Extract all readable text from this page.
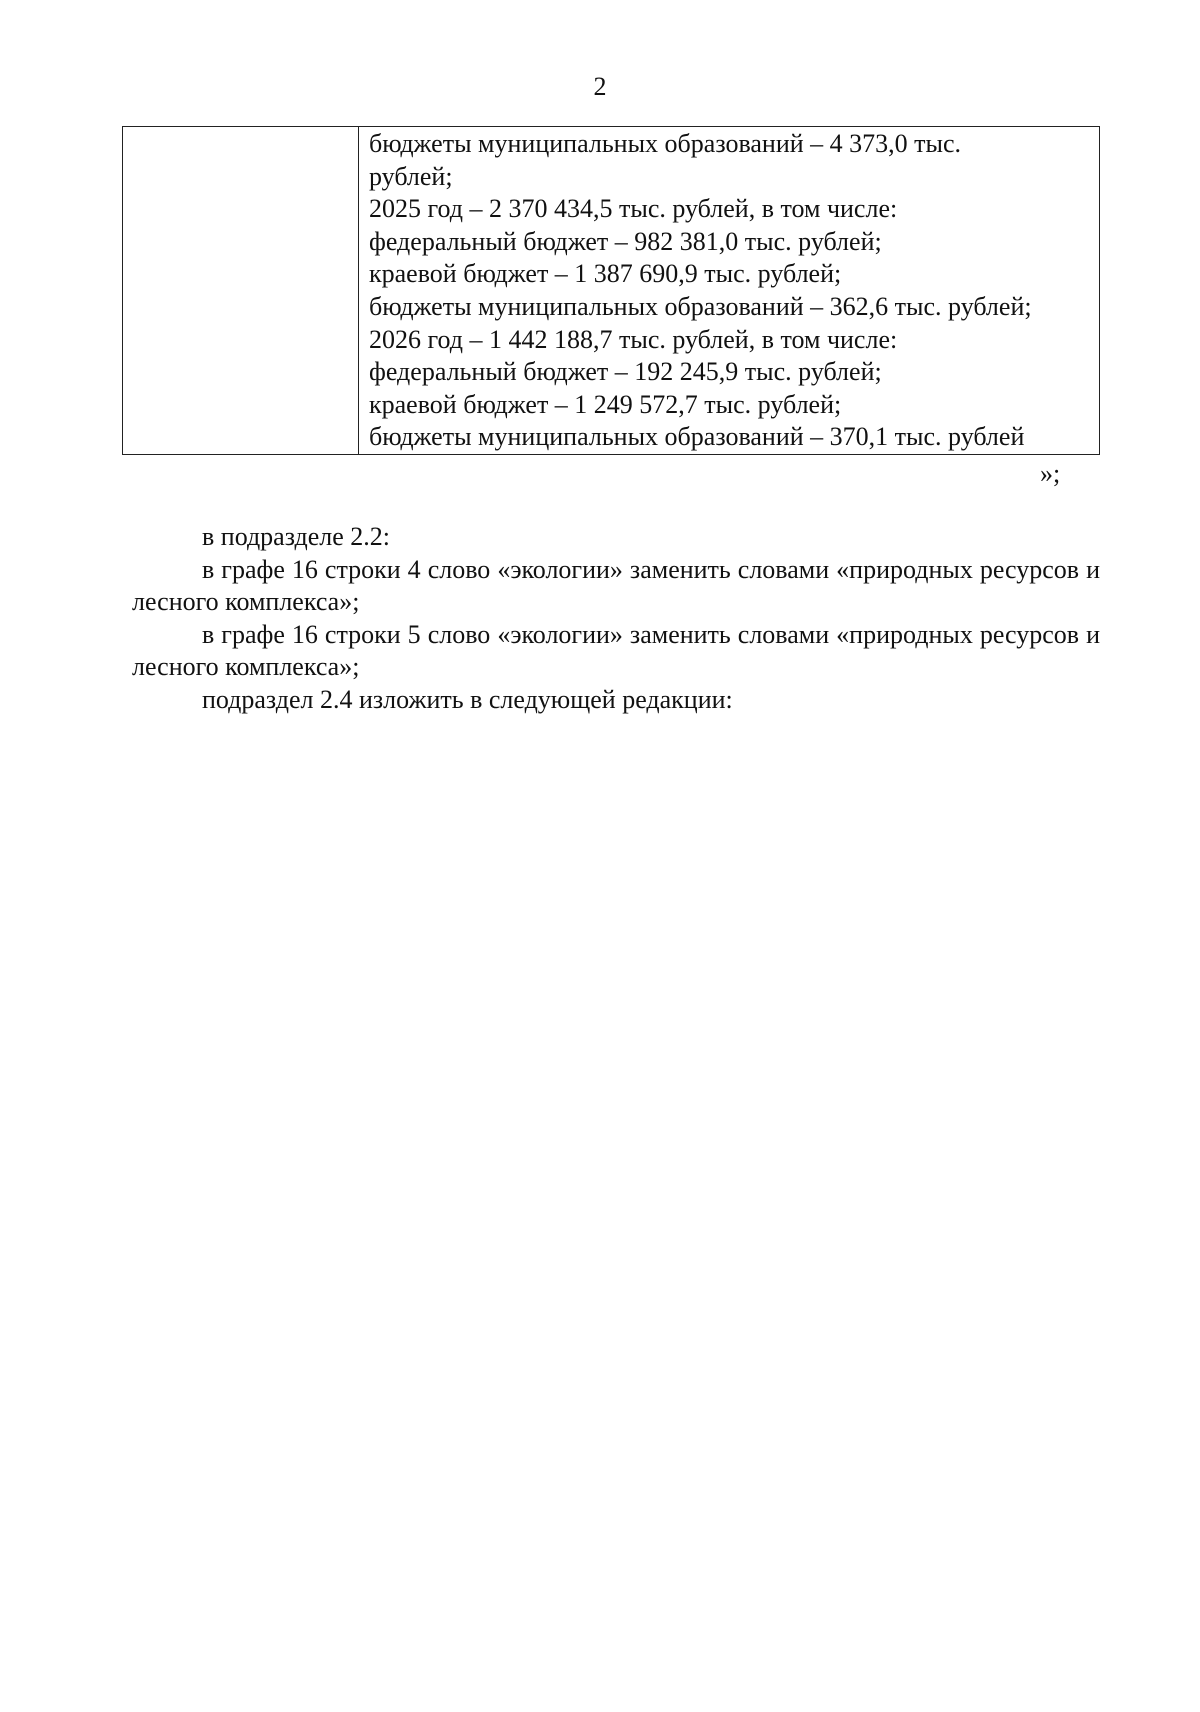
2

бюджеты муниципальных образований – 4 373,0 тыс.
рублей;
2025 год – 2 370 434,5 тыс. рублей, в том числе:
федеральный бюджет – 982 381,0 тыс. рублей;
краевой бюджет – 1 387 690,9 тыс. рублей;
бюджеты муниципальных образований – 362,6 тыс. рублей;
2026 год – 1 442 188,7 тыс. рублей, в том числе:
федеральный бюджет – 192 245,9 тыс. рублей;
краевой бюджет – 1 249 572,7 тыс. рублей;
бюджеты муниципальных образований – 370,1 тыс. рублей
»;

в подразделе 2.2:

в графе 16 строки 4 слово «экологии» заменить словами «природных ресурсов и лесного комплекса»;

в графе 16 строки 5 слово «экологии» заменить словами «природных ресурсов и лесного комплекса»;

подраздел 2.4 изложить в следующей редакции:
